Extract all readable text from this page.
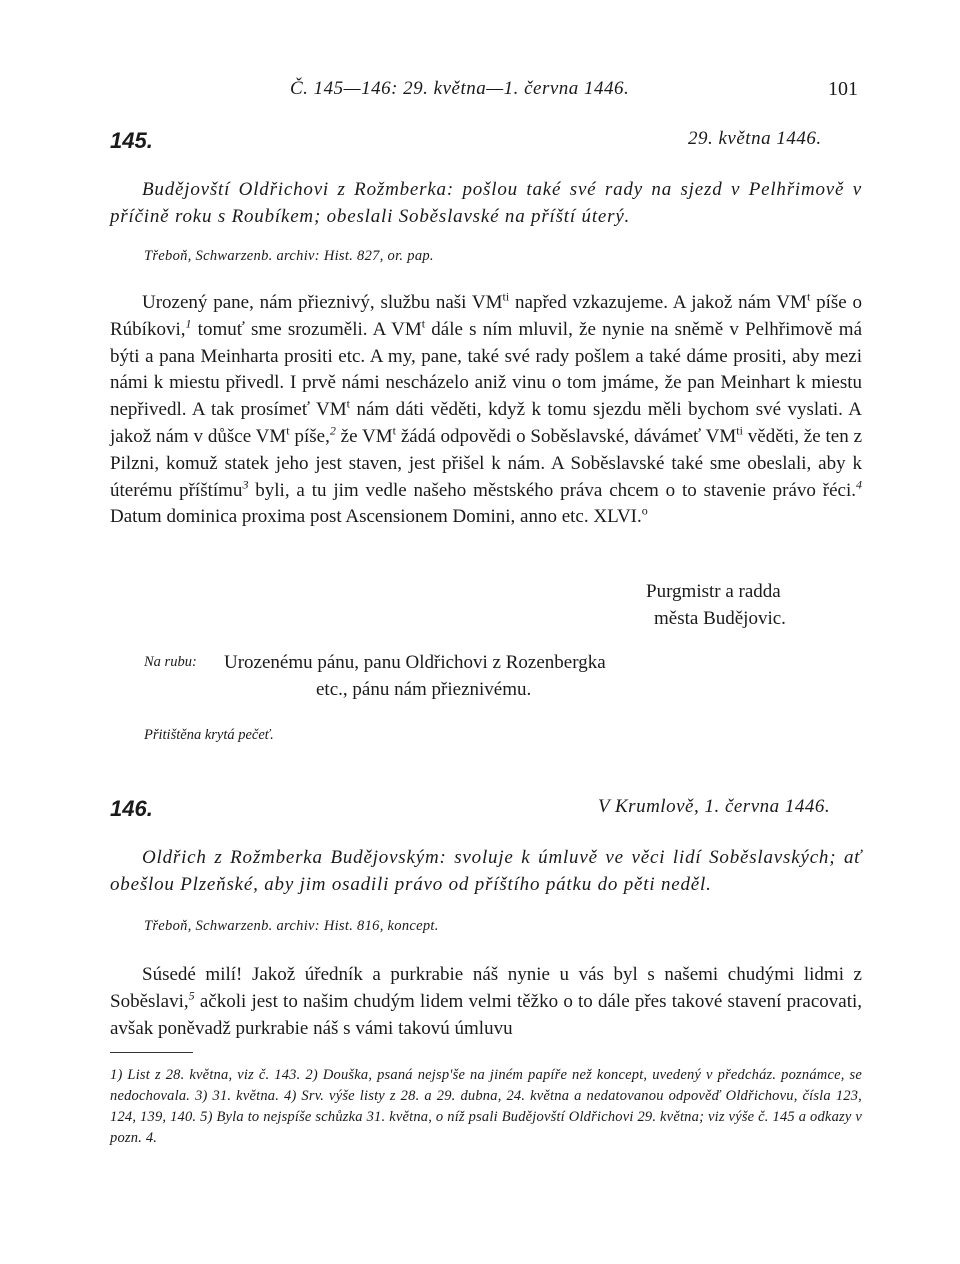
Č. 145—146: 29. května—1. června 1446.	101
145.	29. května 1446.
Budějovští Oldřichovi z Rožmberka: pošlou také své rady na sjezd v Pelhřimově v příčině roku s Roubíkem; obeslali Soběslavské na příští úterý.
Třeboň, Schwarzenb. archiv: Hist. 827, or. pap.

Urozený pane, nám přieznivý, službu naši $VM^{ti}$ napřed vzkazujeme. A jakož nám $VM^t$ píše o Rúbíkovi,$^1$ tomuť sme srozuměli. A $VM^t$ dále s ním mluvil, že nynie na sněmě v Pelhřimově má býti a pana Meinharta prositi etc. A my, pane, také své rady pošlem a také dáme prositi, aby mezi námi k miestu přivedl. I prvě námi nescházelo aniž vinu o tom jmáme, že pan Meinhart k miestu nepřivedl. A tak prosímeť $VM^t$ nám dáti věděti, když k tomu sjezdu měli bychom své vyslati. A jakož nám v důšce $VM^t$ píše,$^2$ že $VM^t$ žádá odpovědi o Soběslavské, dávámeť $VM^{ti}$ věděti, že ten z Pilzni, komuž statek jeho jest staven, jest přišel k nám. A Soběslavské také sme obeslali, aby k úterému příštímu$^3$ byli, a tu jim vedle našeho městského práva chcem o to stavenie právo řéci.$^4$ Datum dominica proxima post Ascensionem Domini, anno etc. XLVI.$^o$

Purgmistr a radda
města Budějovic.
Na rubu: Urozenému pánu, panu Oldřichovi z Rozenbergka
etc., pánu nám přieznivému.
Přitištěna krytá pečeť.
146.	V Krumlově, 1. června 1446.
Oldřich z Rožmberka Budějovským: svoluje k úmluvě ve věci lidí Soběslavských; ať obešlou Plzeňské, aby jim osadili právo od příštího pátku do pěti neděl.
Třeboň, Schwarzenb. archiv: Hist. 816, koncept.

Súsedé milí! Jakož úředník a purkrabie náš nynie u vás byl s našemi chudými lidmi z Soběslavi,$^5$ ačkoli jest to našim chudým lidem velmi těžko o to dále přes takové stavení pracovati, avšak poněvadž purkrabie náš s vámi takovú úmluvu

1) List z 28. května, viz č. 143. 2) Douška, psaná nejsp'še na jiném papíře než koncept, uvedený v předcház. poznámce, se nedochovala. 3) 31. května. 4) Srv. výše listy z 28. a 29. dubna, 24. května a nedatovanou odpověď Oldřichovu, čísla 123, 124, 139, 140. 5) Byla to nejspíše schůzka 31. května, o níž psali Budějovští Oldřichovi 29. května; viz výše č. 145 a odkazy v pozn. 4.
